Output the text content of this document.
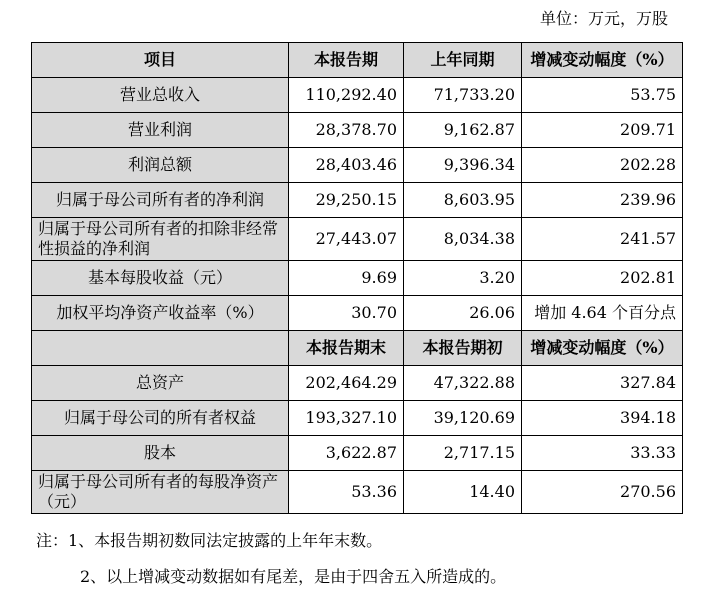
单位：万元，万股
项目	本报告期	上年同期	增减变动幅度（%）
营业总收入	110,292.40	71,733.20	53.75
营业利润	28,378.70	9,162.87	209.71
利润总额	28,403.46	9,396.34	202.28
归属于母公司所有者的净利润	29,250.15	8,603.95	239.96
归属于母公司所有者的扣除非经常性损益的净利润	27,443.07	8,034.38	241.57
基本每股收益（元）	9.69	3.20	202.81
加权平均净资产收益率（%）	30.70	26.06	增加 4.64 个百分点
	本报告期末	本报告期初	增减变动幅度（%）
总资产	202,464.29	47,322.88	327.84
归属于母公司的所有者权益	193,327.10	39,120.69	394.18
股本	3,622.87	2,717.15	33.33
归属于母公司所有者的每股净资产（元）	53.36	14.40	270.56
注：1、本报告期初数同法定披露的上年年末数。
2、以上增减变动数据如有尾差，是由于四舍五入所造成的。
